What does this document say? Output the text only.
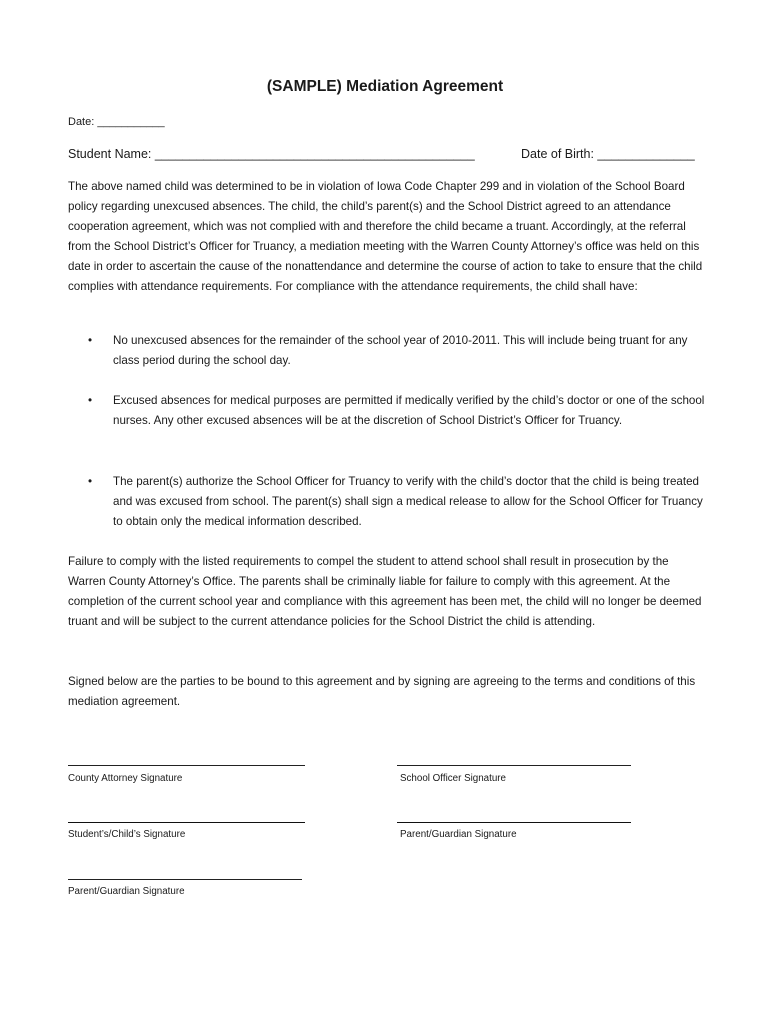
(SAMPLE) Mediation Agreement
Date: ___________
Student Name: ______________________________________________	Date of Birth: ______________

The above named child was determined to be in violation of Iowa Code Chapter 299 and in violation of the School Board policy regarding unexcused absences. The child, the child’s parent(s) and the School District agreed to an attendance cooperation agreement, which was not complied with and therefore the child became a truant. Accordingly, at the referral from the School District’s Officer for Truancy, a mediation meeting with the Warren County Attorney’s office was held on this date in order to ascertain the cause of the nonattendance and determine the course of action to take to ensure that the child complies with attendance requirements. For compliance with the attendance requirements, the child shall have:

• No unexcused absences for the remainder of the school year of 2010-2011. This will include being truant for any class period during the school day.

• Excused absences for medical purposes are permitted if medically verified by the child’s doctor or one of the school nurses. Any other excused absences will be at the discretion of School District’s Officer for Truancy.

• The parent(s) authorize the School Officer for Truancy to verify with the child’s doctor that the child is being treated and was excused from school. The parent(s) shall sign a medical release to allow for the School Officer for Truancy to obtain only the medical information described.

Failure to comply with the listed requirements to compel the student to attend school shall result in prosecution by the Warren County Attorney’s Office. The parents shall be criminally liable for failure to comply with this agreement. At the completion of the current school year and compliance with this agreement has been met, the child will no longer be deemed truant and will be subject to the current attendance policies for the School District the child is attending.

Signed below are the parties to be bound to this agreement and by signing are agreeing to the terms and conditions of this mediation agreement.

County Attorney Signature	School Officer Signature
Student’s/Child’s Signature	Parent/Guardian Signature
Parent/Guardian Signature
